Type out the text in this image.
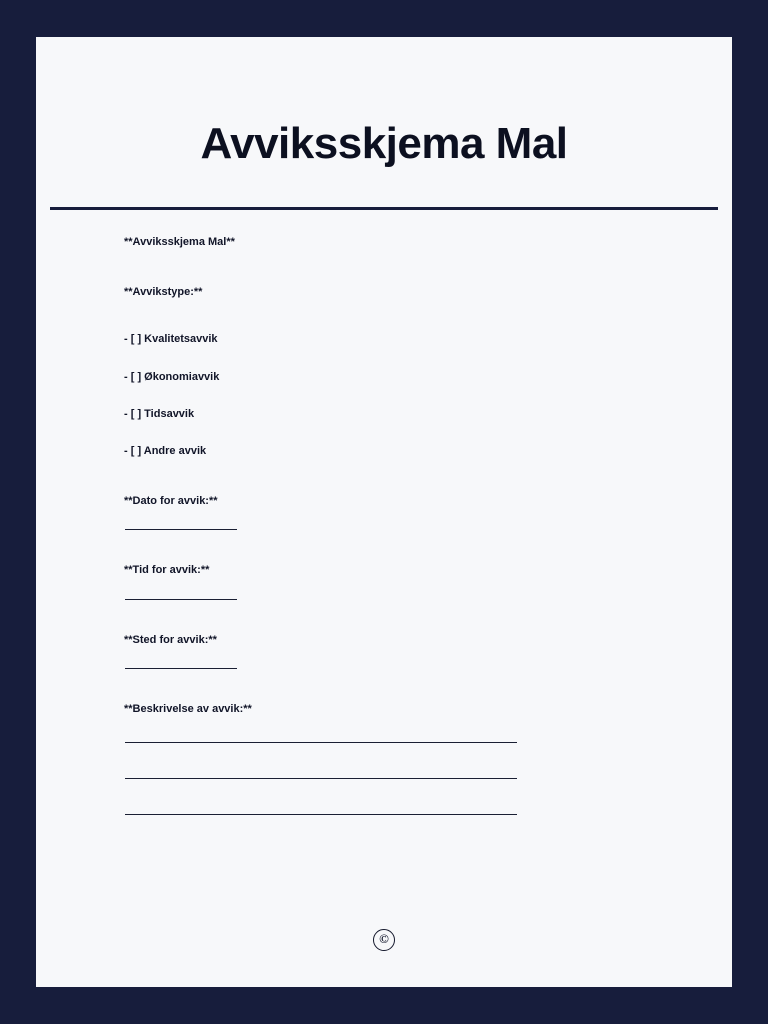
Avviksskjema Mal

**Avviksskjema Mal**

**Avvikstype:**

- [ ] Kvalitetsavvik

- [ ] Økonomiavvik

- [ ] Tidsavvik

- [ ] Andre avvik

**Dato for avvik:**

**Tid for avvik:**

**Sted for avvik:**

**Beskrivelse av avvik:**

©
